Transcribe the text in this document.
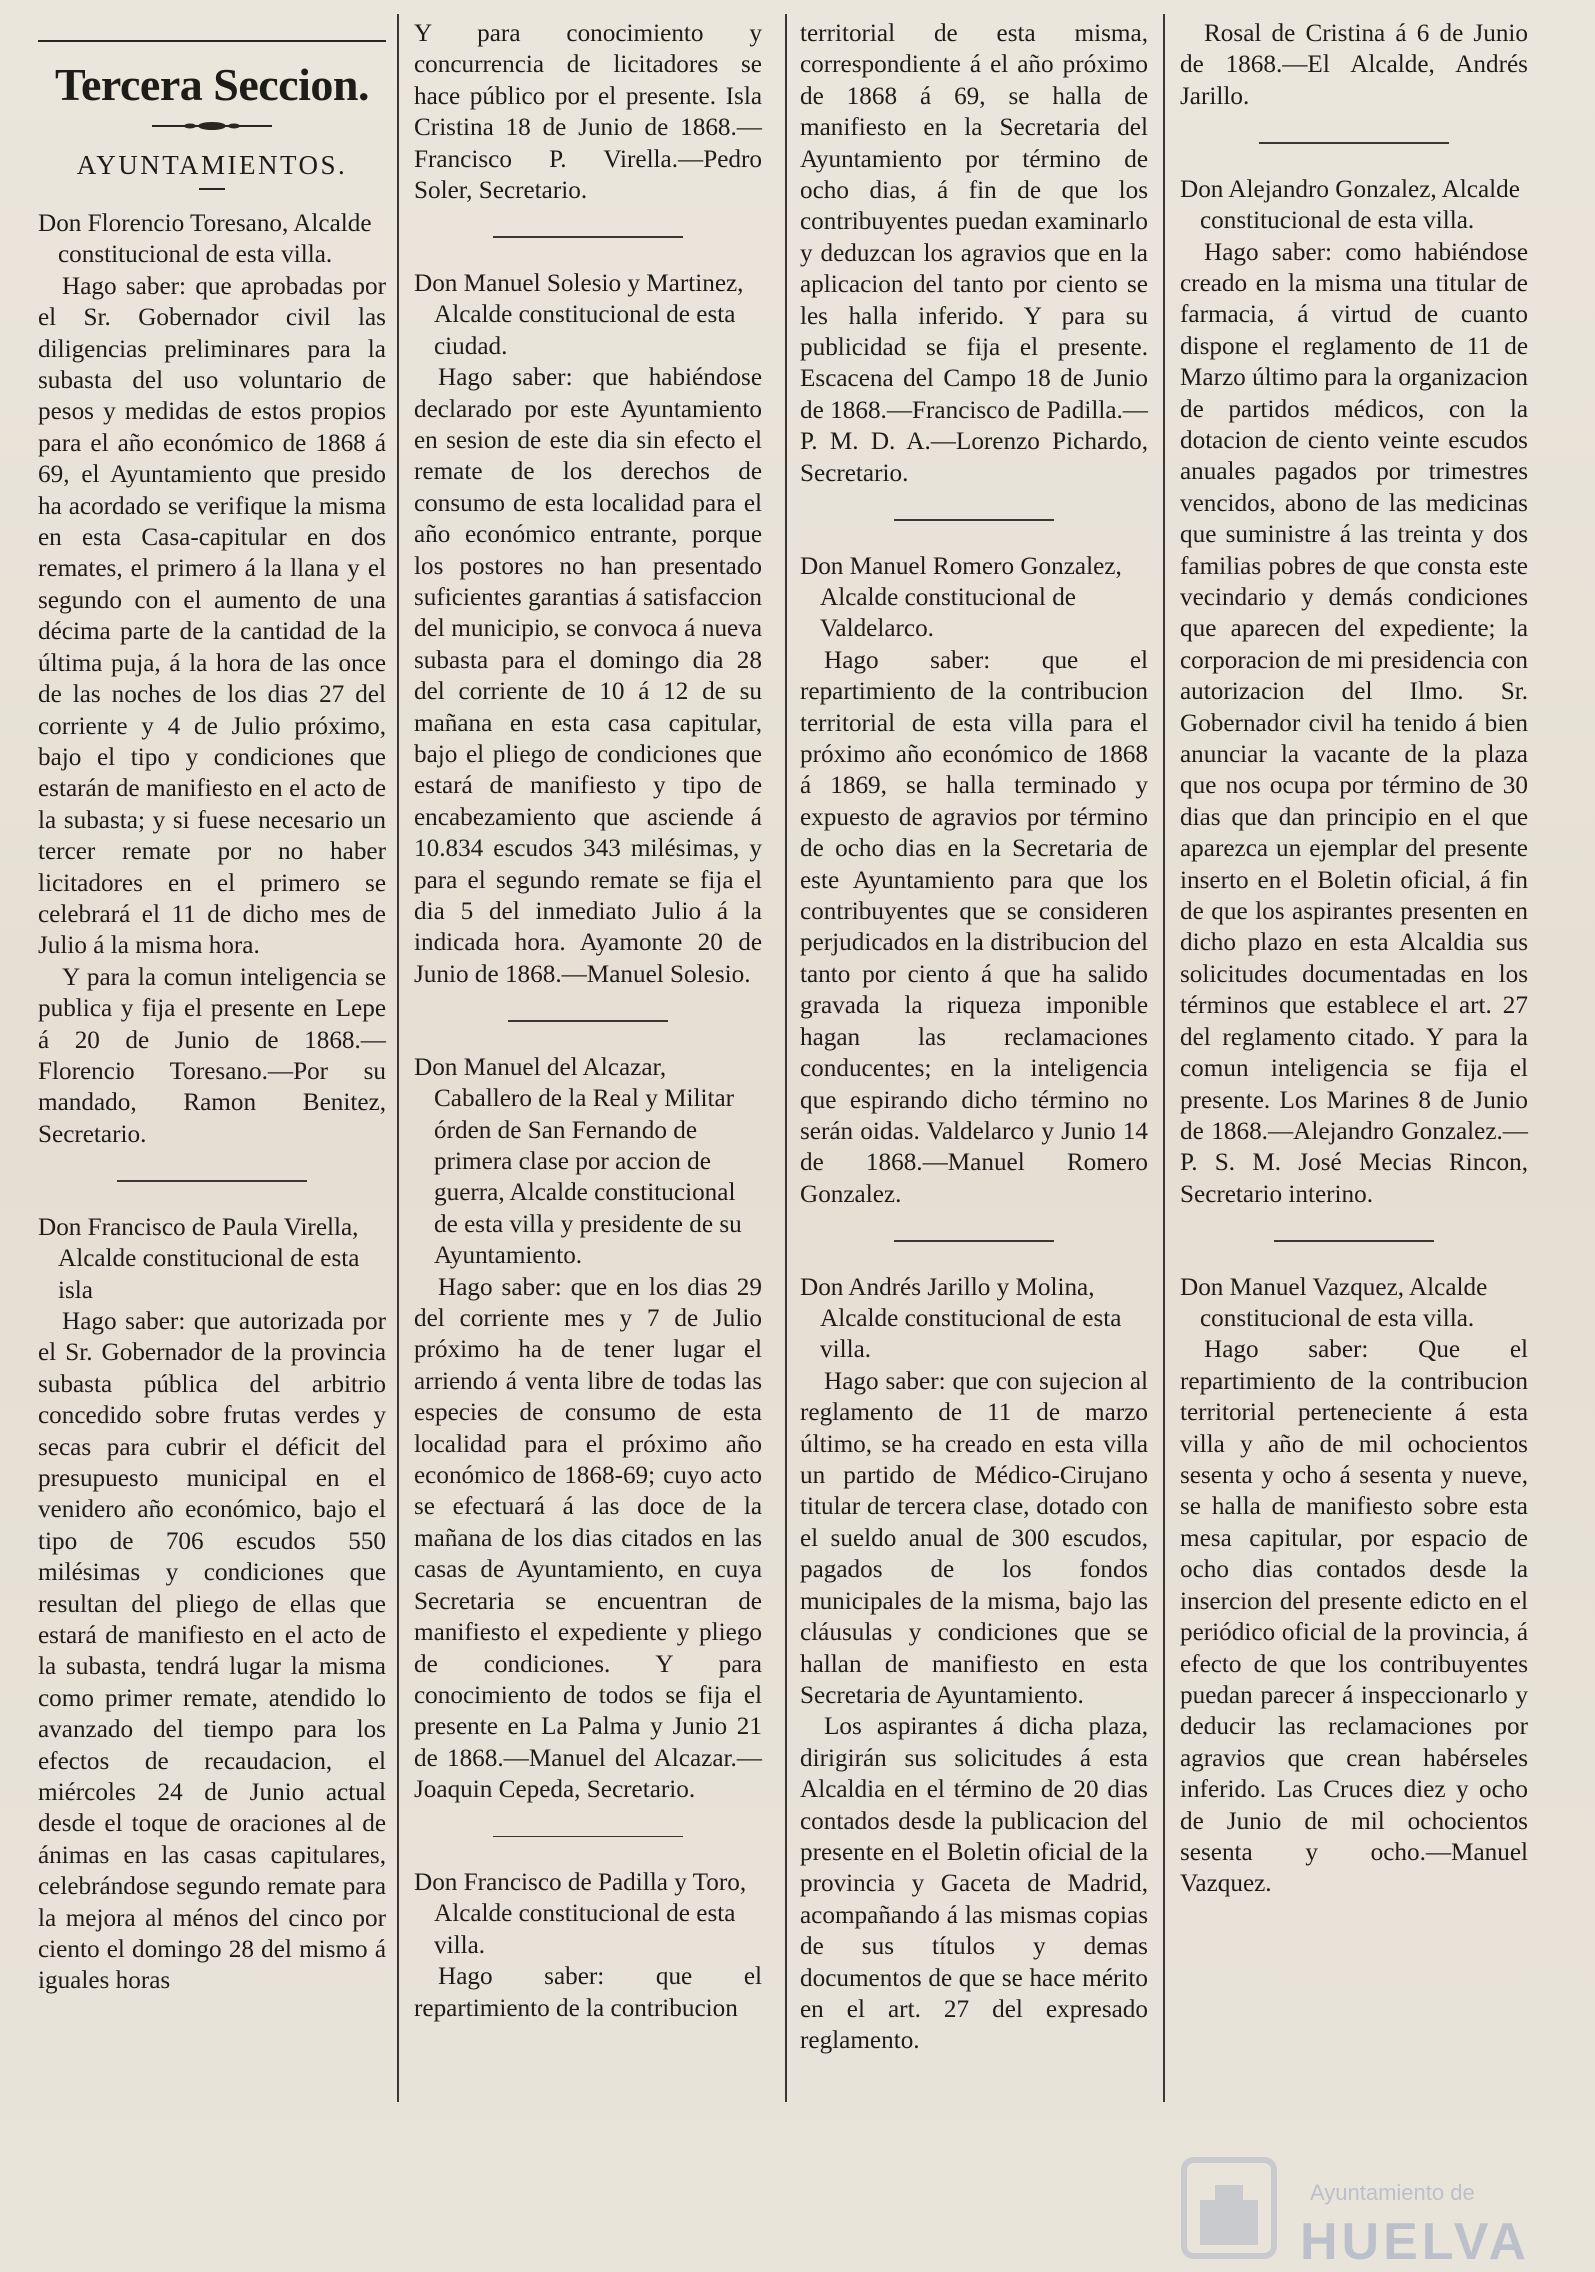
Tercera Seccion.
AYUNTAMIENTOS.

Don Florencio Toresano, Alcalde constitucional de esta villa.

Hago saber: que aprobadas por el Sr. Gobernador civil las diligencias preliminares para la subasta del uso voluntario de pesos y medidas de estos propios para el año económico de 1868 á 69, el Ayuntamiento que presido ha acordado se verifique la misma en esta Casa-capitular en dos remates, el primero á la llana y el segundo con el aumento de una décima parte de la cantidad de la última puja, á la hora de las once de las noches de los dias 27 del corriente y 4 de Julio próximo, bajo el tipo y condiciones que estarán de manifiesto en el acto de la subasta; y si fuese necesario un tercer remate por no haber licitadores en el primero se celebrará el 11 de dicho mes de Julio á la misma hora.

Y para la comun inteligencia se publica y fija el presente en Lepe á 20 de Junio de 1868.—Florencio Toresano.—Por su mandado, Ramon Benitez, Secretario.

Don Francisco de Paula Virella, Alcalde constitucional de esta isla

Hago saber: que autorizada por el Sr. Gobernador de la provincia subasta pública del arbitrio concedido sobre frutas verdes y secas para cubrir el déficit del presupuesto municipal en el venidero año económico, bajo el tipo de 706 escudos 550 milésimas y condiciones que resultan del pliego de ellas que estará de manifiesto en el acto de la subasta, tendrá lugar la misma como primer remate, atendido lo avanzado del tiempo para los efectos de recaudacion, el miércoles 24 de Junio actual desde el toque de oraciones al de ánimas en las casas capitulares, celebrándose segundo remate para la mejora al ménos del cinco por ciento el domingo 28 del mismo á iguales horas

Y para conocimiento y concurrencia de licitadores se hace público por el presente. Isla Cristina 18 de Junio de 1868.—Francisco P. Virella.—Pedro Soler, Secretario.

Don Manuel Solesio y Martinez, Alcalde constitucional de esta ciudad.

Hago saber: que habiéndose declarado por este Ayuntamiento en sesion de este dia sin efecto el remate de los derechos de consumo de esta localidad para el año económico entrante, porque los postores no han presentado suficientes garantias á satisfaccion del municipio, se convoca á nueva subasta para el domingo dia 28 del corriente de 10 á 12 de su mañana en esta casa capitular, bajo el pliego de condiciones que estará de manifiesto y tipo de encabezamiento que asciende á 10.834 escudos 343 milésimas, y para el segundo remate se fija el dia 5 del inmediato Julio á la indicada hora. Ayamonte 20 de Junio de 1868.—Manuel Solesio.

Don Manuel del Alcazar, Caballero de la Real y Militar órden de San Fernando de primera clase por accion de guerra, Alcalde constitucional de esta villa y presidente de su Ayuntamiento.

Hago saber: que en los dias 29 del corriente mes y 7 de Julio próximo ha de tener lugar el arriendo á venta libre de todas las especies de consumo de esta localidad para el próximo año económico de 1868-69; cuyo acto se efectuará á las doce de la mañana de los dias citados en las casas de Ayuntamiento, en cuya Secretaria se encuentran de manifiesto el expediente y pliego de condiciones. Y para conocimiento de todos se fija el presente en La Palma y Junio 21 de 1868.—Manuel del Alcazar.—Joaquin Cepeda, Secretario.

Don Francisco de Padilla y Toro, Alcalde constitucional de esta villa.

Hago saber: que el repartimiento de la contribucion

territorial de esta misma, correspondiente á el año próximo de 1868 á 69, se halla de manifiesto en la Secretaria del Ayuntamiento por término de ocho dias, á fin de que los contribuyentes puedan examinarlo y deduzcan los agravios que en la aplicacion del tanto por ciento se les halla inferido. Y para su publicidad se fija el presente. Escacena del Campo 18 de Junio de 1868.—Francisco de Padilla.—P. M. D. A.—Lorenzo Pichardo, Secretario.

Don Manuel Romero Gonzalez, Alcalde constitucional de Valdelarco.

Hago saber: que el repartimiento de la contribucion territorial de esta villa para el próximo año económico de 1868 á 1869, se halla terminado y expuesto de agravios por término de ocho dias en la Secretaria de este Ayuntamiento para que los contribuyentes que se consideren perjudicados en la distribucion del tanto por ciento á que ha salido gravada la riqueza imponible hagan las reclamaciones conducentes; en la inteligencia que espirando dicho término no serán oidas. Valdelarco y Junio 14 de 1868.—Manuel Romero Gonzalez.

Don Andrés Jarillo y Molina, Alcalde constitucional de esta villa.

Hago saber: que con sujecion al reglamento de 11 de marzo último, se ha creado en esta villa un partido de Médico-Cirujano titular de tercera clase, dotado con el sueldo anual de 300 escudos, pagados de los fondos municipales de la misma, bajo las cláusulas y condiciones que se hallan de manifiesto en esta Secretaria de Ayuntamiento.

Los aspirantes á dicha plaza, dirigirán sus solicitudes á esta Alcaldia en el término de 20 dias contados desde la publicacion del presente en el Boletin oficial de la provincia y Gaceta de Madrid, acompañando á las mismas copias de sus títulos y demas documentos de que se hace mérito en el art. 27 del expresado reglamento.

Rosal de Cristina á 6 de Junio de 1868.—El Alcalde, Andrés Jarillo.

Don Alejandro Gonzalez, Alcalde constitucional de esta villa.

Hago saber: como habiéndose creado en la misma una titular de farmacia, á virtud de cuanto dispone el reglamento de 11 de Marzo último para la organizacion de partidos médicos, con la dotacion de ciento veinte escudos anuales pagados por trimestres vencidos, abono de las medicinas que suministre á las treinta y dos familias pobres de que consta este vecindario y demás condiciones que aparecen del expediente; la corporacion de mi presidencia con autorizacion del Ilmo. Sr. Gobernador civil ha tenido á bien anunciar la vacante de la plaza que nos ocupa por término de 30 dias que dan principio en el que aparezca un ejemplar del presente inserto en el Boletin oficial, á fin de que los aspirantes presenten en dicho plazo en esta Alcaldia sus solicitudes documentadas en los términos que establece el art. 27 del reglamento citado. Y para la comun inteligencia se fija el presente. Los Marines 8 de Junio de 1868.—Alejandro Gonzalez.—P. S. M. José Mecias Rincon, Secretario interino.

Don Manuel Vazquez, Alcalde constitucional de esta villa.

Hago saber: Que el repartimiento de la contribucion territorial perteneciente á esta villa y año de mil ochocientos sesenta y ocho á sesenta y nueve, se halla de manifiesto sobre esta mesa capitular, por espacio de ocho dias contados desde la insercion del presente edicto en el periódico oficial de la provincia, á efecto de que los contribuyentes puedan parecer á inspeccionarlo y deducir las reclamaciones por agravios que crean habérseles inferido. Las Cruces diez y ocho de Junio de mil ochocientos sesenta y ocho.—Manuel Vazquez.

Ayuntamiento de
HUELVA
